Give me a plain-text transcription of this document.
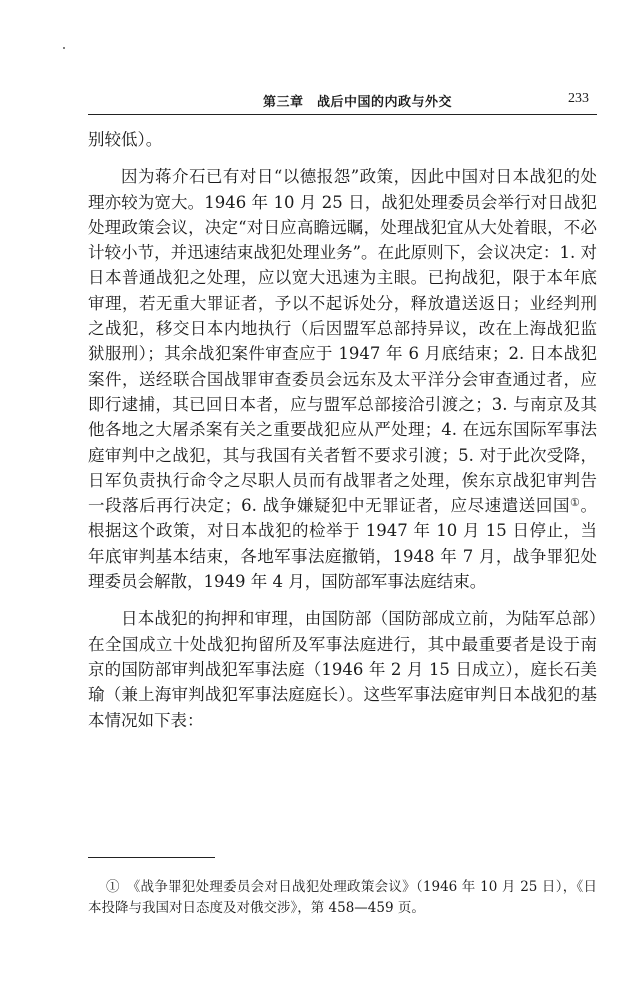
第三章　战后中国的内政与外交	233

别较低）。

因为蒋介石已有对日“以德报怨”政策，因此中国对日本战犯的处理亦较为宽大。1946 年 10 月 25 日，战犯处理委员会举行对日战犯处理政策会议，决定“对日应高瞻远瞩，处理战犯宜从大处着眼，不必计较小节，并迅速结束战犯处理业务”。在此原则下，会议决定：1. 对日本普通战犯之处理，应以宽大迅速为主眼。已拘战犯，限于本年底审理，若无重大罪证者，予以不起诉处分，释放遣送返日；业经判刑之战犯，移交日本内地执行（后因盟军总部持异议，改在上海战犯监狱服刑）；其余战犯案件审查应于 1947 年 6 月底结束；2. 日本战犯案件，送经联合国战罪审查委员会远东及太平洋分会审查通过者，应即行逮捕，其已回日本者，应与盟军总部接洽引渡之；3. 与南京及其他各地之大屠杀案有关之重要战犯应从严处理；4. 在远东国际军事法庭审判中之战犯，其与我国有关者暂不要求引渡；5. 对于此次受降，日军负责执行命令之尽职人员而有战罪者之处理，俟东京战犯审判告一段落后再行决定；6. 战争嫌疑犯中无罪证者，应尽速遣送回国①。根据这个政策，对日本战犯的检举于 1947 年 10 月 15 日停止，当年底审判基本结束，各地军事法庭撤销，1948 年 7 月，战争罪犯处理委员会解散，1949 年 4 月，国防部军事法庭结束。

日本战犯的拘押和审理，由国防部（国防部成立前，为陆军总部）在全国成立十处战犯拘留所及军事法庭进行，其中最重要者是设于南京的国防部审判战犯军事法庭（1946 年 2 月 15 日成立），庭长石美瑜（兼上海审判战犯军事法庭庭长）。这些军事法庭审判日本战犯的基本情况如下表：

①　《战争罪犯处理委员会对日战犯处理政策会议》（1946 年 10 月 25 日），《日本投降与我国对日态度及对俄交涉》，第 458—459 页。
